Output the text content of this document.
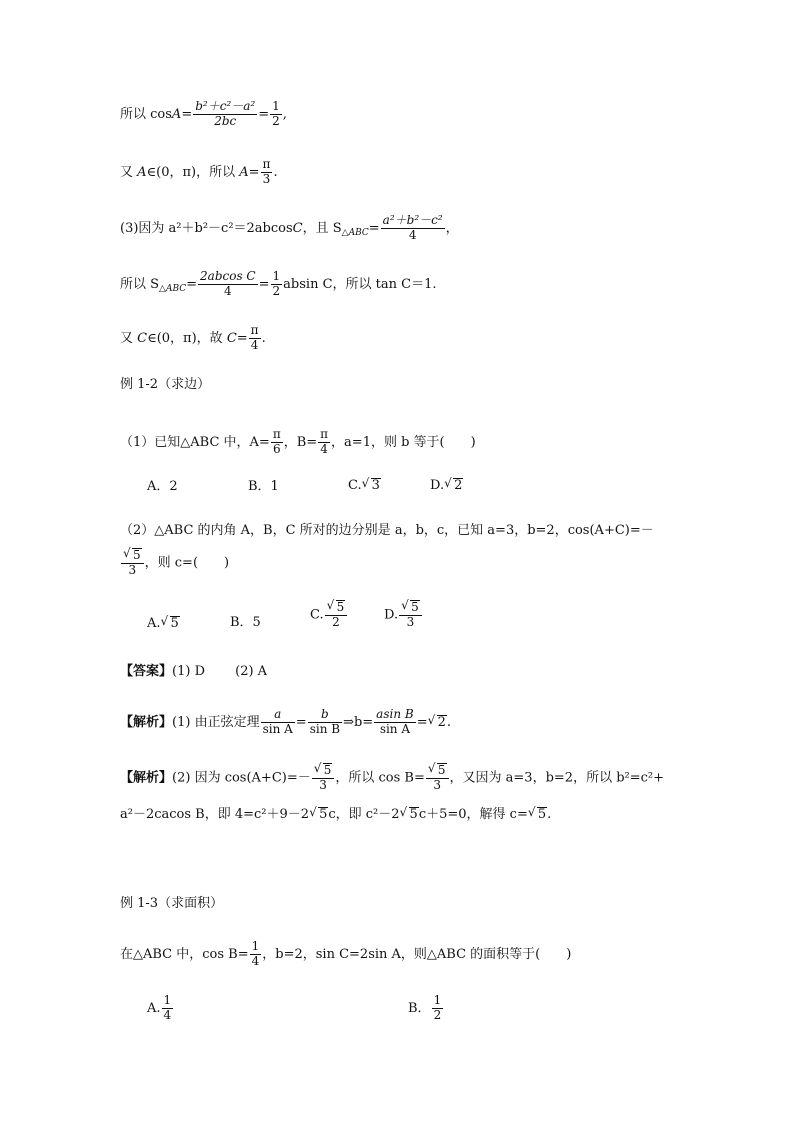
所以 $\cos A= \frac{\text{b²＋c²－a²}}{2bc} = \frac{1}{2}$ ,
又 A∈(0，π)，所以 $A= \frac{\pi}{3}$ .
(3)因为 a²＋b²－c²＝2abcosC，且 $S_{\triangle ABC}= \frac{\text{a²＋b²－c²}}{4}$ ，
所以 $S_{\triangle ABC}= \frac{\text{2abcos C}}{4} = \frac{1}{2}$ absin C，所以 tan C＝1.
又 C∈(0，π)，故 $C= \frac{\pi}{4}$ .
例 1-2（求边）
（1）已知△ABC 中，$A= \frac{\pi}{6}$ ，$B= \frac{\pi}{4}$ ，a=1，则 b 等于(　　)
A．2	B．1	C. √ 3	D. √ 2
（2）△ABC 的内角 A，B，C 所对的边分别是 a，b，c，已知 a=3，b=2，cos(A+C)=－
√ $\frac{5}{3}$ ，则 c=(　　)
A. √ 5	B．5
C. √ $\frac{5}{2}$	D. √ $\frac{5}{3}$
【答案】(1) D　　 (2) A
【解析】(1) 由正弦定理 $\frac{a}{\text{sin A}} = \frac{b}{\text{sin B}}$ ⇒b= $\frac{\text{asin B}}{\text{sin A}}$ = √ 2.
【解析】(2) 因为 cos(A+C)=－ √ $\frac{5}{3}$ ，所以 cos B= √ $\frac{5}{3}$ ，又因为 a=3，b=2，所以 b²=c²+
a²－2cacos B，即 4=c²＋9－2 √ 5c，即 c²－2 √ 5c＋5=0，解得 c= √ 5.
例 1-3（求面积）
在△ABC 中，$\cos B= \frac{1}{4}$ ，b=2，sin C=2sin A，则△ABC 的面积等于(　　)
A. $\frac{1}{4}$	B． $\frac{1}{2}$
